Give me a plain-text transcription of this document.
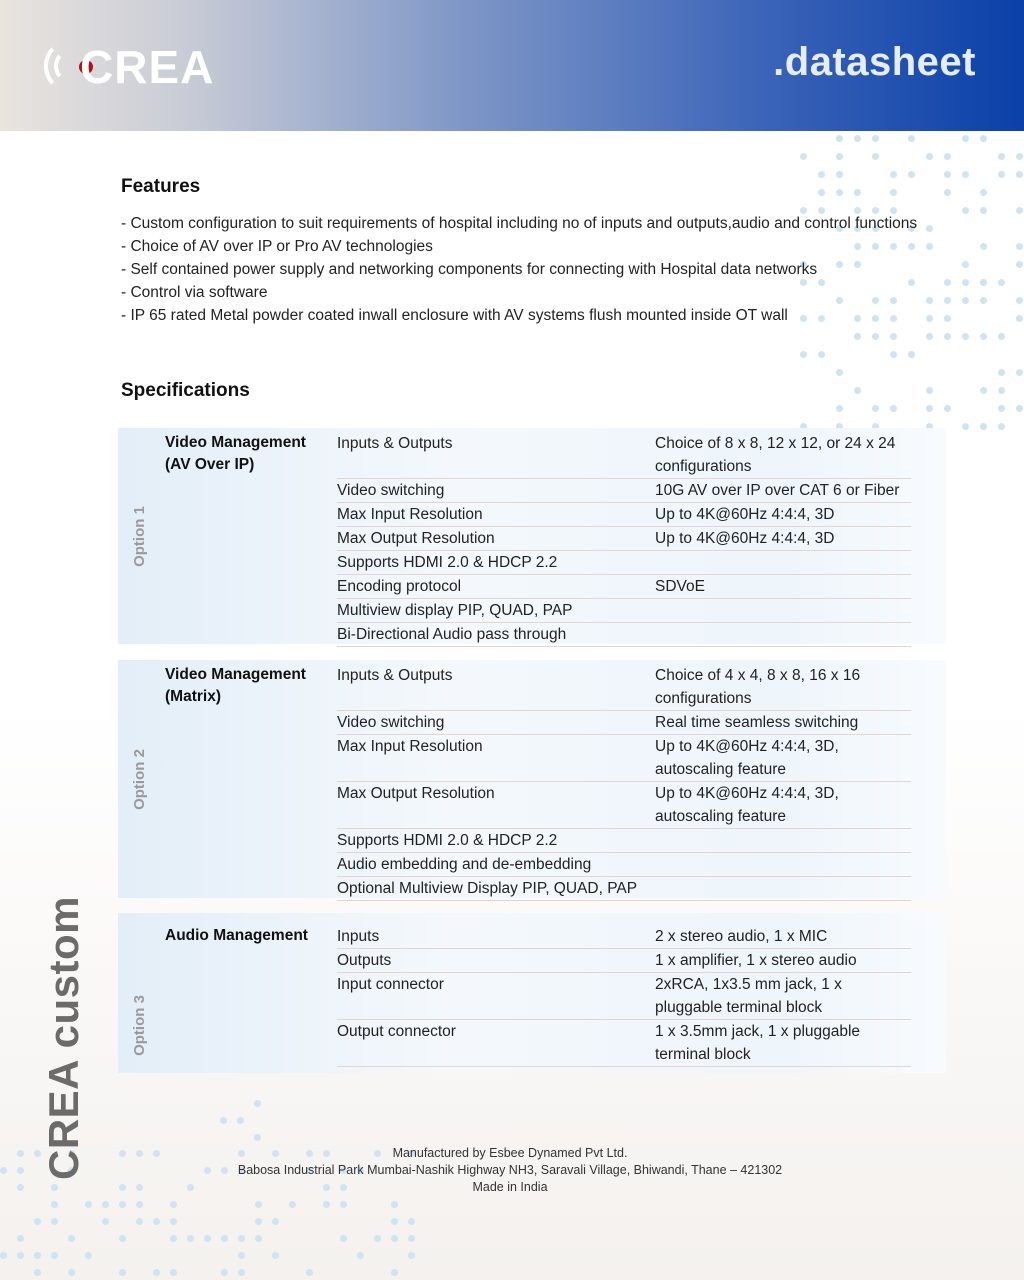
CREA	.datasheet
Features
- Custom configuration to suit requirements of hospital including no of inputs and outputs,audio and control functions
- Choice of AV over IP or Pro AV technologies
- Self contained power supply and networking components for connecting with Hospital data networks
- Control via software
- IP 65 rated Metal powder coated inwall enclosure with AV systems flush mounted inside OT wall
Specifications
Option 1
Video Management (AV Over IP)
Inputs & Outputs	Choice of 8 x 8, 12 x 12, or 24 x 24 configurations
Video switching	10G AV over IP over CAT 6 or Fiber
Max Input Resolution	Up to 4K@60Hz 4:4:4, 3D
Max Output Resolution	Up to 4K@60Hz 4:4:4, 3D
Supports HDMI 2.0 & HDCP 2.2
Encoding protocol	SDVoE
Multiview display PIP, QUAD, PAP
Bi-Directional Audio pass through
Option 2
Video Management (Matrix)
Inputs & Outputs	Choice of 4 x 4, 8 x 8, 16 x 16 configurations
Video switching	Real time seamless switching
Max Input Resolution	Up to 4K@60Hz 4:4:4, 3D, autoscaling feature
Max Output Resolution	Up to 4K@60Hz 4:4:4, 3D, autoscaling feature
Supports HDMI 2.0 & HDCP 2.2
Audio embedding and de-embedding
Optional Multiview Display PIP, QUAD, PAP
Option 3
Audio Management	Inputs	2 x stereo audio, 1 x MIC
Outputs	1 x amplifier, 1 x stereo audio
Input connector	2xRCA, 1x3.5 mm jack, 1 x pluggable terminal block
Output connector	1 x 3.5mm jack, 1 x pluggable terminal block
CREA custom	Manufactured by Esbee Dynamed Pvt Ltd.
Babosa Industrial Park Mumbai-Nashik Highway NH3, Saravali Village, Bhiwandi, Thane – 421302
Made in India
